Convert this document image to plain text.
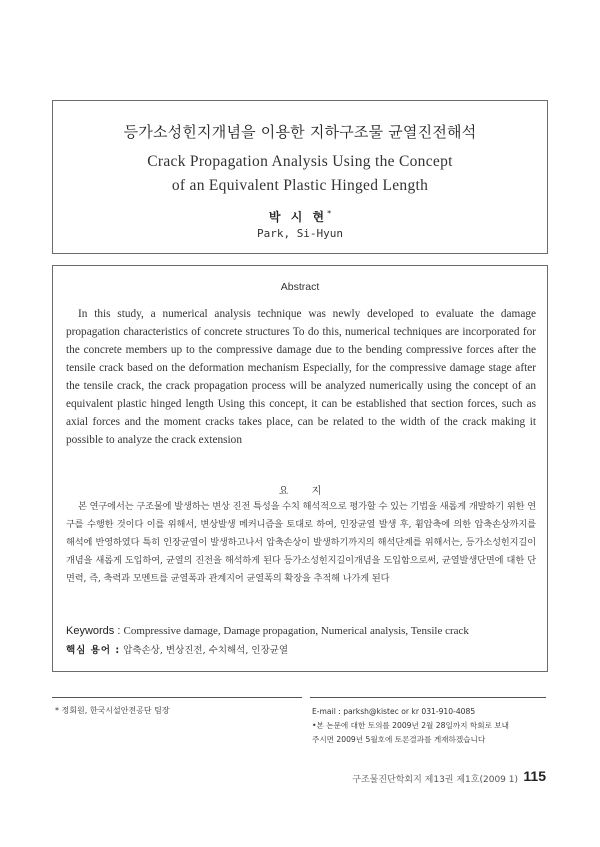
등가소성힌지개념을 이용한 지하구조물 균열진전해석
Crack Propagation Analysis Using the Concept
of an Equivalent Plastic Hinged Length
박 시 현*
Park, Si-Hyun
Abstract

In this study, a numerical analysis technique was newly developed to evaluate the damage propagation characteristics of concrete structures To do this, numerical techniques are incorporated for the concrete members up to the compressive damage due to the bending compressive forces after the tensile crack based on the deformation mechanism Especially, for the compressive damage stage after the tensile crack, the crack propagation process will be analyzed numerically using the concept of an equivalent plastic hinged length Using this concept, it can be established that section forces, such as axial forces and the moment cracks takes place, can be related to the width of the crack making it possible to analyze the crack extension

요 지

본 연구에서는 구조물에 발생하는 변상 진전 특성을 수치 해석적으로 평가할 수 있는 기법을 새롭게 개발하기 위한 연구를 수행한 것이다 이를 위해서, 변상발생 메커니즘을 토대로 하여, 인장균열 발생 후, 휨압축에 의한 압축손상까지를 해석에 반영하였다 특히 인장균열이 발생하고나서 압축손상이 발생하기까지의 해석단계를 위해서는, 등가소성힌지길이 개념을 새롭게 도입하여, 균열의 진전을 해석하게 된다 등가소성힌지길이개념을 도입함으로써, 균열발생단면에 대한 단면력, 즉, 축력과 모멘트를 균열폭과 관계지어 균열폭의 확장을 추적해 나가게 된다

Keywords : Compressive damage, Damage propagation, Numerical analysis, Tensile crack
핵심 용어 : 압축손상, 변상진전, 수치해석, 인장균열
* 정회원, 한국시설안전공단 팀장	E-mail : parksh@kistec or kr 031-910-4085
•본 논문에 대한 토의를 2009년 2월 28일까지 학회로 보내
주시면 2009년 5월호에 토론결과를 게재하겠습니다
구조물진단학회지 제13권 제1호(2009 1) 115
